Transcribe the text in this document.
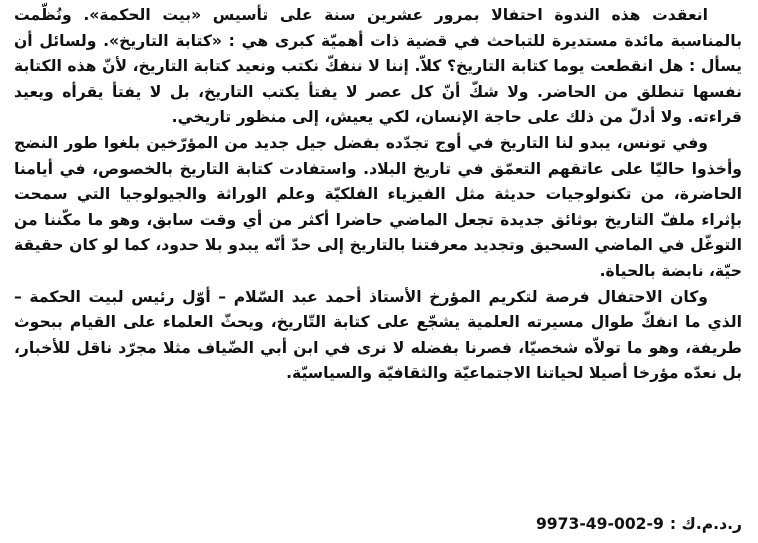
انعقدت هذه الندوة احتفالا بمرور عشرين سنة على تأسيس «بيت الحكمة». ونُظّمت بالمناسبة مائدة مستديرة للتباحث في قضية ذات أهميّة كبرى هي : «كتابة التاريخ». ولسائل أن يسأل : هل انقطعت يوما كتابة التاريخ؟ كلاّ. إننا لا ننفكّ نكتب ونعيد كتابة التاريخ، لأنّ هذه الكتابة نفسها تنطلق من الحاضر. ولا شكّ أنّ كل عصر لا يفتأ يكتب التاريخ، بل لا يفتأ يقرأه ويعيد قراءته. ولا أدلّ من ذلك على حاجة الإنسان، لكي يعيش، إلى منظور تاريخي.

وفي تونس، يبدو لنا التاريخ في أوج تجدّده بفضل جيل جديد من المؤرّخين بلغوا طور النضج وأخذوا حاليّا على عاتقهم التعمّق في تاريخ البلاد. واستفادت كتابة التاريخ بالخصوص، في أيامنا الحاضرة، من تكنولوجيات حديثة مثل الفيزياء الفلكيّة وعلم الوراثة والجيولوجيا التي سمحت بإثراء ملفّ التاريخ بوثائق جديدة تجعل الماضي حاضرا أكثر من أي وقت سابق، وهو ما مكّننا من التوغّل في الماضي السحيق وتجديد معرفتنا بالتاريخ إلى حدّ أنّه يبدو بلا حدود، كما لو كان حقيقة حيّة، نابضة بالحياة.

وكان الاحتفال فرصة لتكريم المؤرخ الأستاذ أحمد عبد السّلام – أوّل رئيس لبيت الحكمة – الذي ما انفكّ طوال مسيرته العلمية يشجّع على كتابة التّاريخ، ويحثّ العلماء على القيام ببحوث طريفة، وهو ما تولاّه شخصيّا، فصرنا بفضله لا نرى في ابن أبي الضّياف مثلا مجرّد ناقل للأخبار، بل نعدّه مؤرخا أصيلا لحياتنا الاجتماعيّة والثقافيّة والسياسيّة.

ر.د.م.ك :9973-49-002-9
